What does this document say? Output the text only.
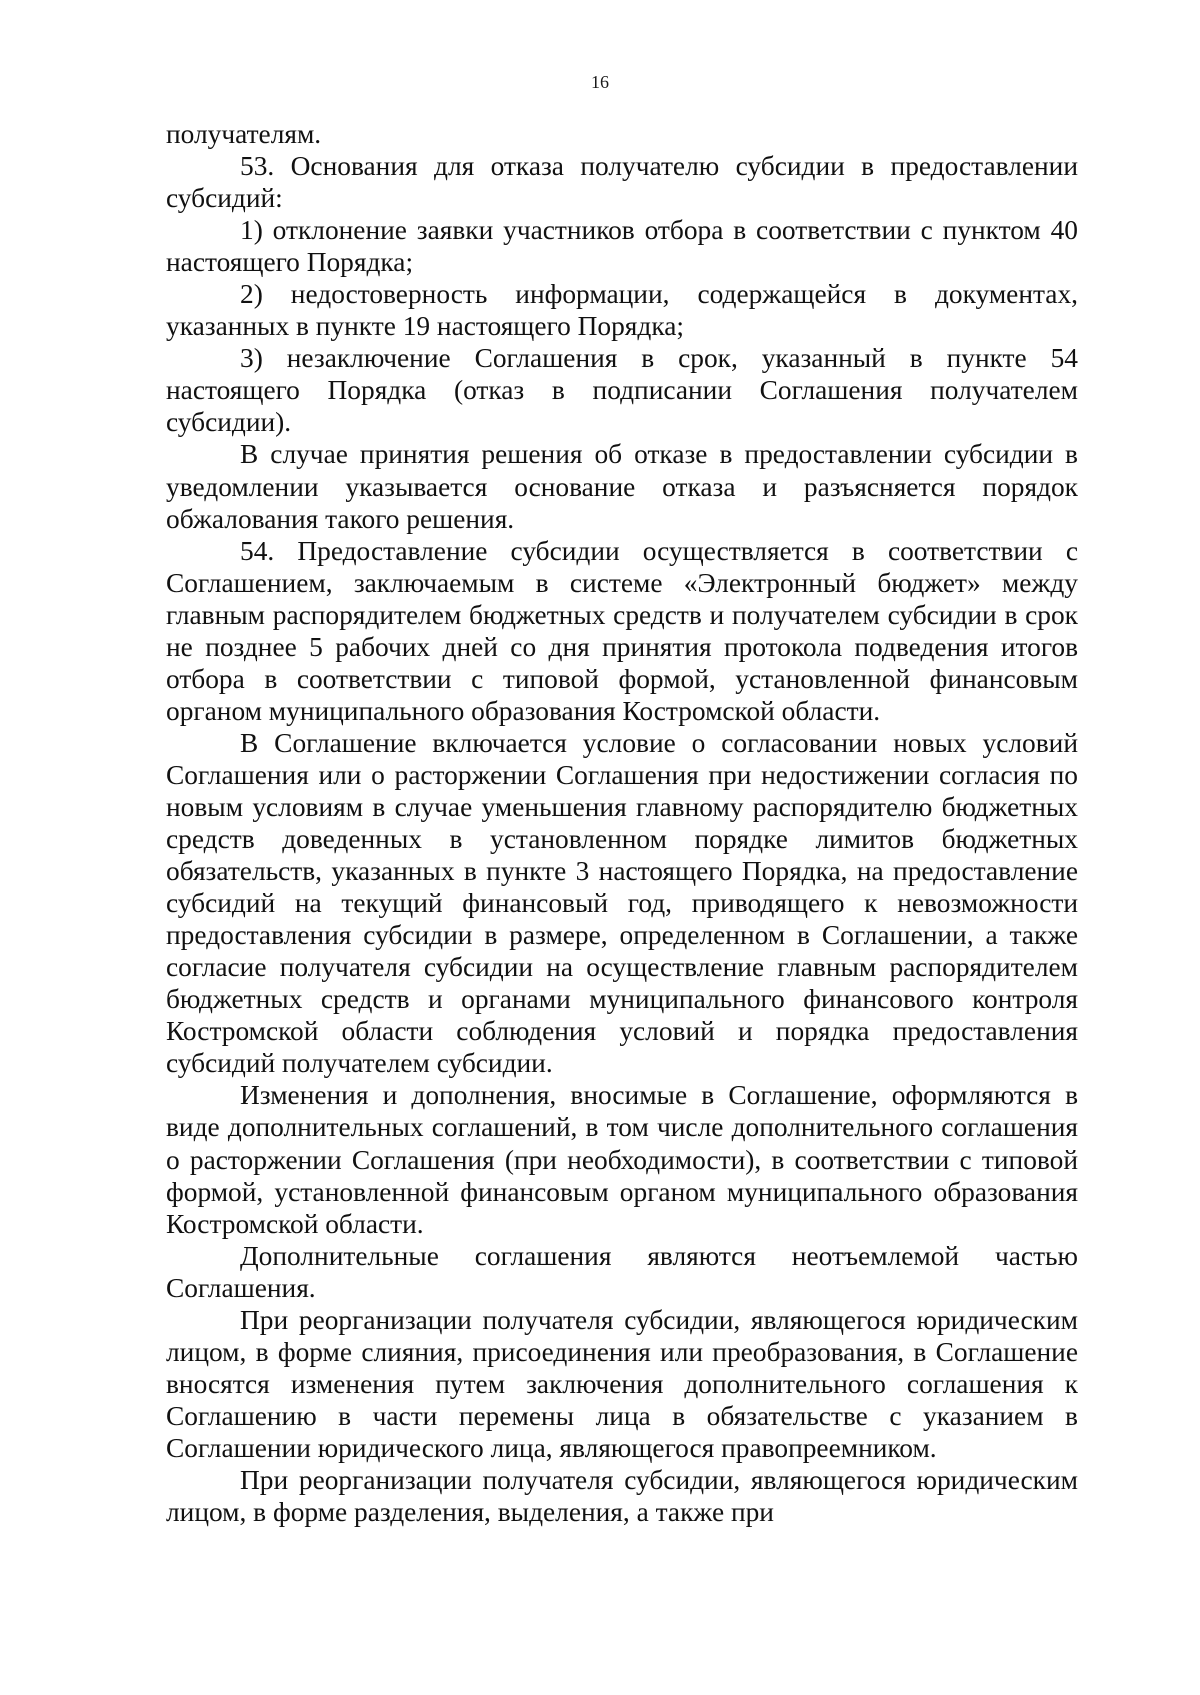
16

получателям.

53. Основания для отказа получателю субсидии в предоставлении субсидий:

1) отклонение заявки участников отбора в соответствии с пунктом 40 настоящего Порядка;

2) недостоверность информации, содержащейся в документах, указанных в пункте 19 настоящего Порядка;

3) незаключение Соглашения в срок, указанный в пункте 54 настоящего Порядка (отказ в подписании Соглашения получателем субсидии).

В случае принятия решения об отказе в предоставлении субсидии в уведомлении указывается основание отказа и разъясняется порядок обжалования такого решения.

54. Предоставление субсидии осуществляется в соответствии с Соглашением, заключаемым в системе «Электронный бюджет» между главным распорядителем бюджетных средств и получателем субсидии в срок не позднее 5 рабочих дней со дня принятия протокола подведения итогов отбора в соответствии с типовой формой, установленной финансовым органом муниципального образования Костромской области.

В Соглашение включается условие о согласовании новых условий Соглашения или о расторжении Соглашения при недостижении согласия по новым условиям в случае уменьшения главному распорядителю бюджетных средств доведенных в установленном порядке лимитов бюджетных обязательств, указанных в пункте 3 настоящего Порядка, на предоставление субсидий на текущий финансовый год, приводящего к невозможности предоставления субсидии в размере, определенном в Соглашении, а также согласие получателя субсидии на осуществление главным распорядителем бюджетных средств и органами муниципального финансового контроля Костромской области соблюдения условий и порядка предоставления субсидий получателем субсидии.

Изменения и дополнения, вносимые в Соглашение, оформляются в виде дополнительных соглашений, в том числе дополнительного соглашения о расторжении Соглашения (при необходимости), в соответствии с типовой формой, установленной финансовым органом муниципального образования Костромской области.

Дополнительные соглашения являются неотъемлемой частью Соглашения.

При реорганизации получателя субсидии, являющегося юридическим лицом, в форме слияния, присоединения или преобразования, в Соглашение вносятся изменения путем заключения дополнительного соглашения к Соглашению в части перемены лица в обязательстве с указанием в Соглашении юридического лица, являющегося правопреемником.

При реорганизации получателя субсидии, являющегося юридическим лицом, в форме разделения, выделения, а также при
